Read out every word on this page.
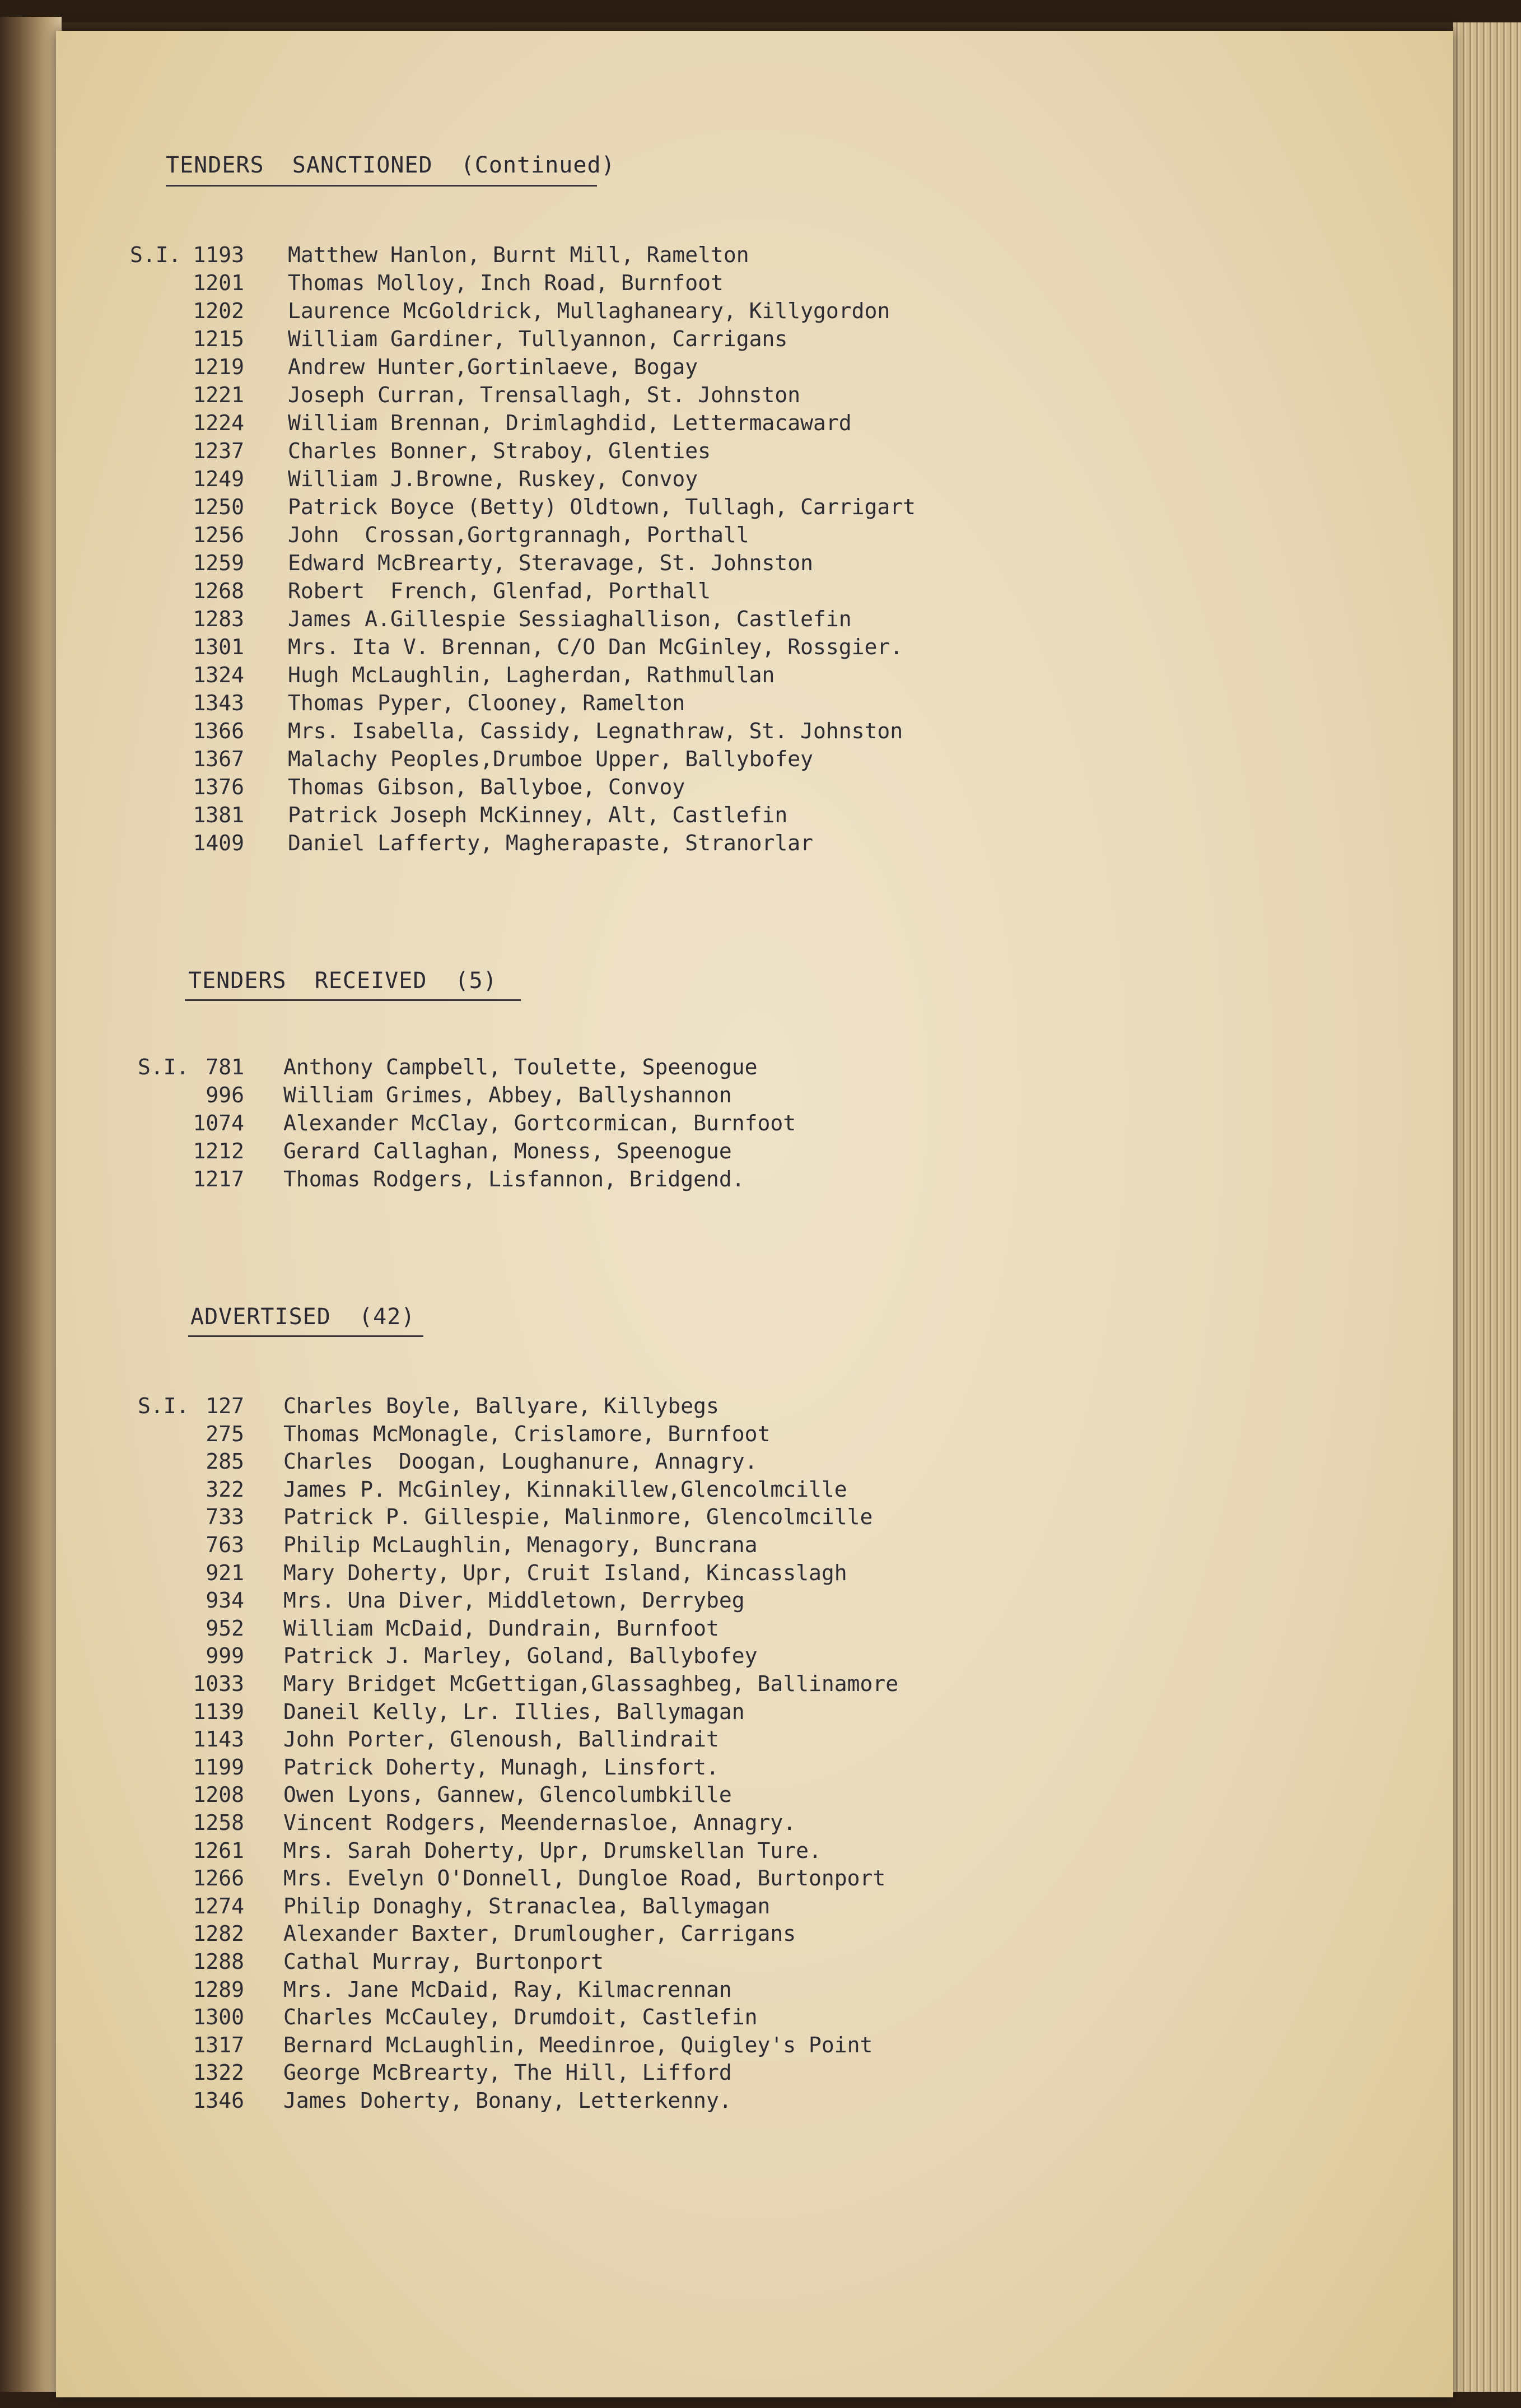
TENDERS  SANCTIONED  (Continued)
S.I. 1193 Matthew Hanlon, Burnt Mill, Ramelton
1201 Thomas Molloy, Inch Road, Burnfoot
1202 Laurence McGoldrick, Mullaghaneary, Killygordon
1215 William Gardiner, Tullyannon, Carrigans
1219 Andrew Hunter,Gortinlaeve, Bogay
1221 Joseph Curran, Trensallagh, St. Johnston
1224 William Brennan, Drimlaghdid, Lettermacaward
1237 Charles Bonner, Straboy, Glenties
1249 William J.Browne, Ruskey, Convoy
1250 Patrick Boyce (Betty) Oldtown, Tullagh, Carrigart
1256 John  Crossan,Gortgrannagh, Porthall
1259 Edward McBrearty, Steravage, St. Johnston
1268 Robert  French, Glenfad, Porthall
1283 James A.Gillespie Sessiaghallison, Castlefin
1301 Mrs. Ita V. Brennan, C/O Dan McGinley, Rossgier.
1324 Hugh McLaughlin, Lagherdan, Rathmullan
1343 Thomas Pyper, Clooney, Ramelton
1366 Mrs. Isabella, Cassidy, Legnathraw, St. Johnston
1367 Malachy Peoples,Drumboe Upper, Ballybofey
1376 Thomas Gibson, Ballyboe, Convoy
1381 Patrick Joseph McKinney, Alt, Castlefin
1409 Daniel Lafferty, Magherapaste, Stranorlar
TENDERS  RECEIVED  (5)
S.I. 781 Anthony Campbell, Toulette, Speenogue
996 William Grimes, Abbey, Ballyshannon
1074 Alexander McClay, Gortcormican, Burnfoot
1212 Gerard Callaghan, Moness, Speenogue
1217 Thomas Rodgers, Lisfannon, Bridgend.
ADVERTISED  (42)
S.I. 127 Charles Boyle, Ballyare, Killybegs
275 Thomas McMonagle, Crislamore, Burnfoot
285 Charles  Doogan, Loughanure, Annagry.
322 James P. McGinley, Kinnakillew,Glencolmcille
733 Patrick P. Gillespie, Malinmore, Glencolmcille
763 Philip McLaughlin, Menagory, Buncrana
921 Mary Doherty, Upr, Cruit Island, Kincasslagh
934 Mrs. Una Diver, Middletown, Derrybeg
952 William McDaid, Dundrain, Burnfoot
999 Patrick J. Marley, Goland, Ballybofey
1033 Mary Bridget McGettigan,Glassaghbeg, Ballinamore
1139 Daneil Kelly, Lr. Illies, Ballymagan
1143 John Porter, Glenoush, Ballindrait
1199 Patrick Doherty, Munagh, Linsfort.
1208 Owen Lyons, Gannew, Glencolumbkille
1258 Vincent Rodgers, Meendernasloe, Annagry.
1261 Mrs. Sarah Doherty, Upr, Drumskellan Ture.
1266 Mrs. Evelyn O'Donnell, Dungloe Road, Burtonport
1274 Philip Donaghy, Stranaclea, Ballymagan
1282 Alexander Baxter, Drumlougher, Carrigans
1288 Cathal Murray, Burtonport
1289 Mrs. Jane McDaid, Ray, Kilmacrennan
1300 Charles McCauley, Drumdoit, Castlefin
1317 Bernard McLaughlin, Meedinroe, Quigley's Point
1322 George McBrearty, The Hill, Lifford
1346 James Doherty, Bonany, Letterkenny.
